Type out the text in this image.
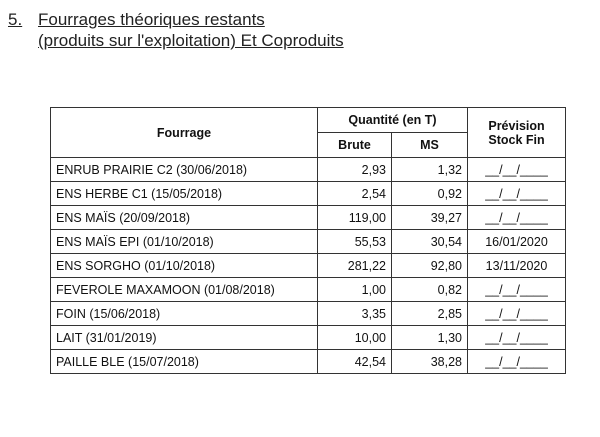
5. Fourrages théoriques restants
(produits sur l'exploitation) Et Coproduits
Fourrage	Quantité (en T)		Prévision
Stock Fin
	Brute	MS	
ENRUB PRAIRIE C2 (30/06/2018)	2,93	1,32	__/__/____
ENS HERBE C1 (15/05/2018)	2,54	0,92	__/__/____
ENS MAÏS (20/09/2018)	119,00	39,27	__/__/____
ENS MAÏS EPI (01/10/2018)	55,53	30,54	16/01/2020
ENS SORGHO (01/10/2018)	281,22	92,80	13/11/2020
FEVEROLE MAXAMOON (01/08/2018)	1,00	0,82	__/__/____
FOIN (15/06/2018)	3,35	2,85	__/__/____
LAIT (31/01/2019)	10,00	1,30	__/__/____
PAILLE BLE (15/07/2018)	42,54	38,28	__/__/____
